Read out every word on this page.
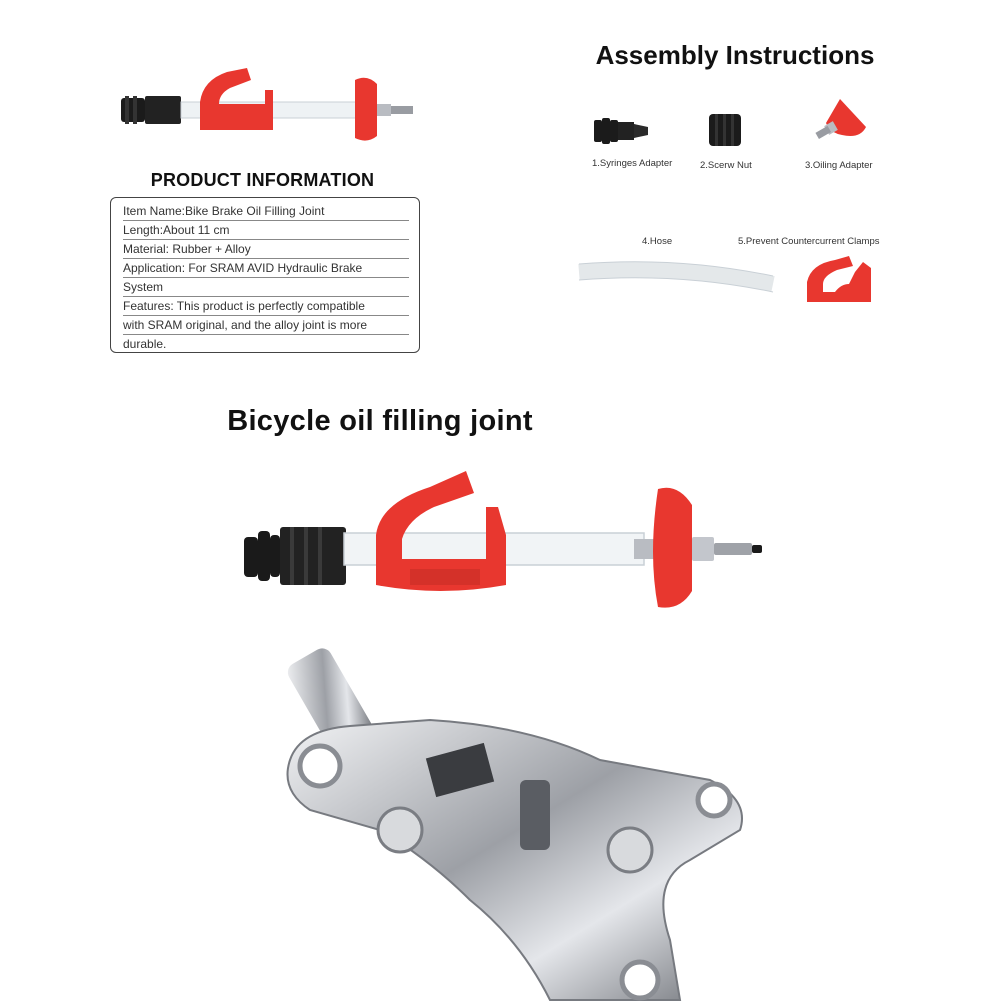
PRODUCT INFORMATION
Item Name:Bike Brake Oil Filling Joint
Length:About 11 cm
Material: Rubber + Alloy
Application: For SRAM AVID Hydraulic Brake
System
Features: This product is perfectly compatible
with SRAM original, and the alloy joint is more
durable.
Assembly Instructions
1.Syringes Adapter	2.Scerw Nut	3.Oiling Adapter
4.Hose	5.Prevent Countercurrent Clamps
Bicycle oil filling joint
